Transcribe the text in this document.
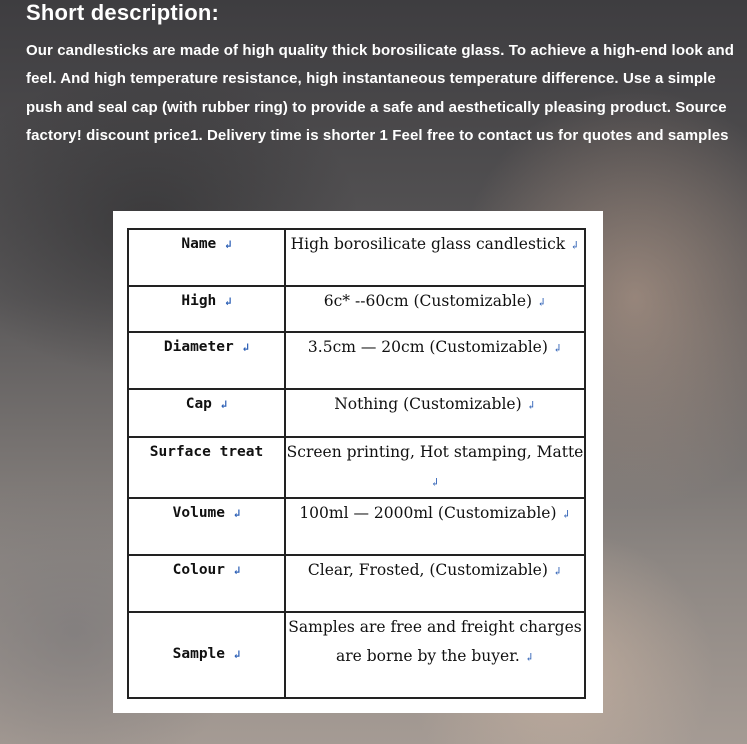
Short description:
Our candlesticks are made of high quality thick borosilicate glass. To achieve a high-end look and feel. And high temperature resistance, high instantaneous temperature difference. Use a simple push and seal cap (with rubber ring) to provide a safe and aesthetically pleasing product. Source factory! discount price1. Delivery time is shorter 1 Feel free to contact us for quotes and samples
Name ↲	High borosilicate glass candlestick ↲
High ↲	6c* --60cm (Customizable) ↲
Diameter ↲	3.5cm — 20cm (Customizable) ↲
Cap ↲	Nothing (Customizable) ↲
Surface treat	Screen printing, Hot stamping, Matte ↲
Volume ↲	100ml — 2000ml (Customizable) ↲
Colour ↲	Clear, Frosted, (Customizable) ↲
Sample ↲	Samples are free and freight charges are borne by the buyer. ↲
